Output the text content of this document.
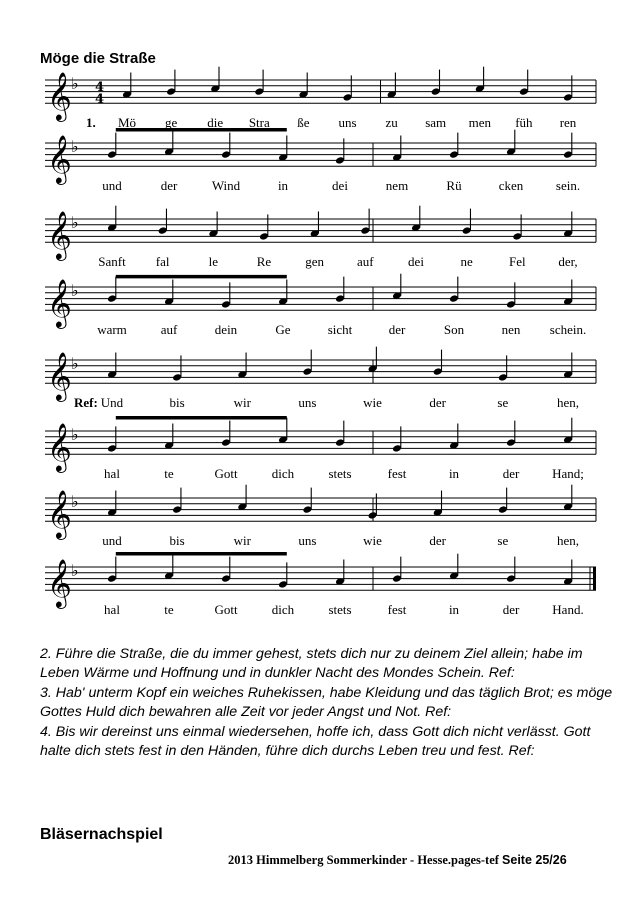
Möge die Straße
𝄞 ♭ 4
4
1. Mö ge die Stra ße uns zu sam men füh ren
𝄞 ♭
und	der	Wind	in	dei	nem	Rü	cken	sein.
𝄞 ♭
Sanft fal	le	Re	gen	auf	dei	ne	Fel	der,
𝄞 ♭
warm	auf	dein	Ge	sicht	der	Son	nen schein.
𝄞 ♭
Ref: Und	bis	wir	uns	wie	der	se	hen,
𝄞 ♭
hal	te	Gott	dich	stets	fest	in	der	Hand;
𝄞 ♭
und	bis	wir	uns	wie	der	se	hen,
𝄞 ♭
hal	te	Gott	dich	stets	fest	in	der	Hand.

2. Führe die Straße, die du immer gehest, stets dich nur zu deinem Ziel allein; habe im Leben Wärme und Hoffnung und in dunkler Nacht des Mondes Schein. Ref:

3. Hab' unterm Kopf ein weiches Ruhekissen, habe Kleidung und das täglich Brot; es möge Gottes Huld dich bewahren alle Zeit vor jeder Angst und Not. Ref:

4. Bis wir dereinst uns einmal wiedersehen, hoffe ich, dass Gott dich nicht verlässt. Gott halte dich stets fest in den Händen, führe dich durchs Leben treu und fest. Ref:

Bläsernachspiel
2013 Himmelberg Sommerkinder - Hesse.pages-tef Seite 25/26
